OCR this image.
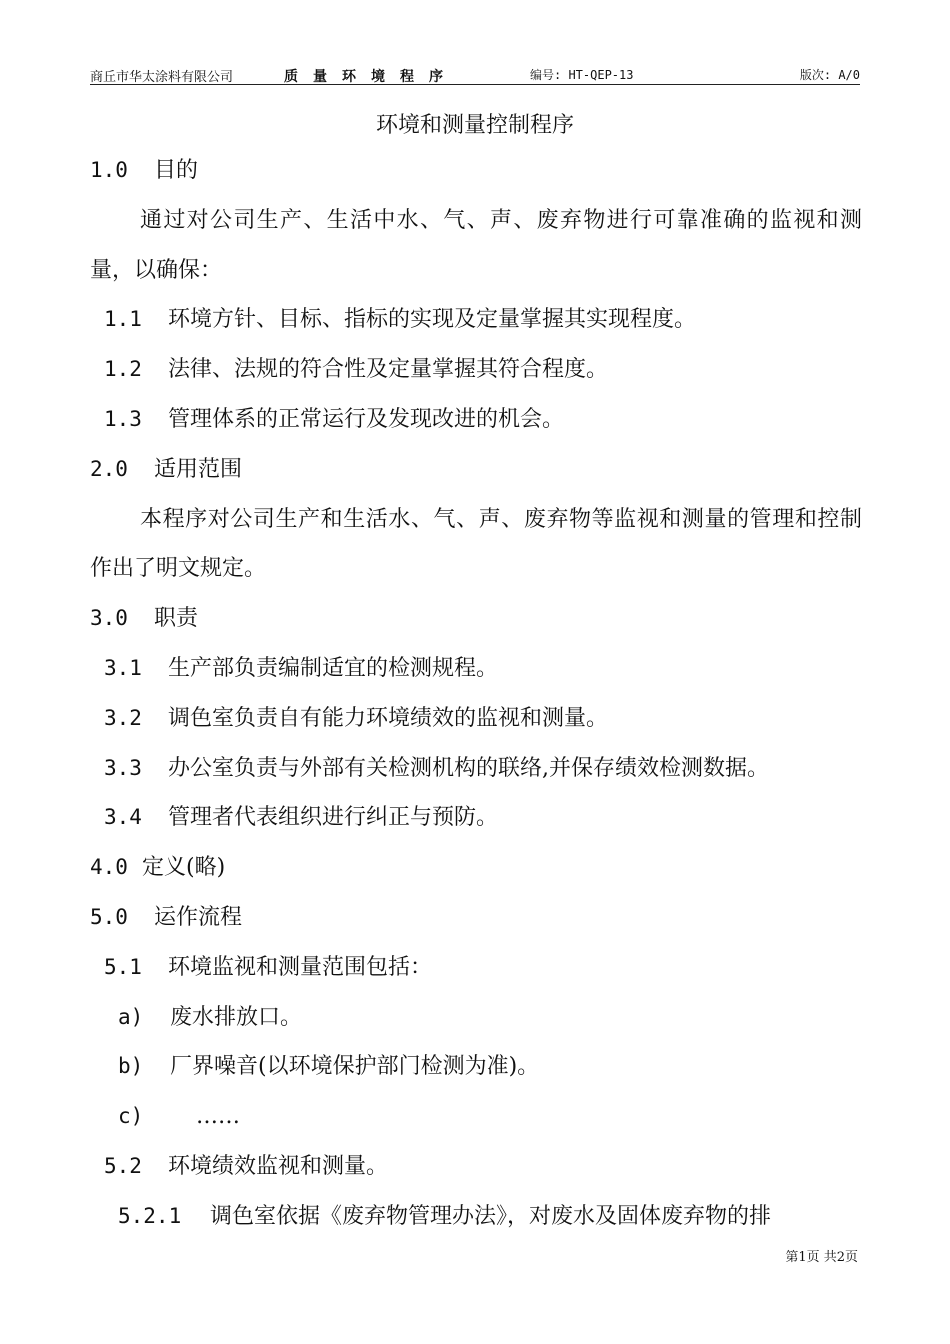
商丘市华太涂料有限公司	质量环境程序	编号: HT-QEP-13	版次: A/0
环境和测量控制程序
1.0 目的
通过对公司生产、生活中水、气、声、废弃物进行可靠准确的监视和测量，以确保：
1.1 环境方针、目标、指标的实现及定量掌握其实现程度。
1.2 法律、法规的符合性及定量掌握其符合程度。
1.3 管理体系的正常运行及发现改进的机会。
2.0 适用范围
本程序对公司生产和生活水、气、声、废弃物等监视和测量的管理和控制作出了明文规定。
3.0 职责
3.1 生产部负责编制适宜的检测规程。
3.2 调色室负责自有能力环境绩效的监视和测量。
3.3 办公室负责与外部有关检测机构的联络,并保存绩效检测数据。
3.4 管理者代表组织进行纠正与预防。
4.0 定义(略)
5.0 运作流程
5.1 环境监视和测量范围包括：
a) 废水排放口。
b) 厂界噪音(以环境保护部门检测为准)。
c) ……
5.2 环境绩效监视和测量。
5.2.1 调色室依据《废弃物管理办法》，对废水及固体废弃物的排
第1页 共2页
